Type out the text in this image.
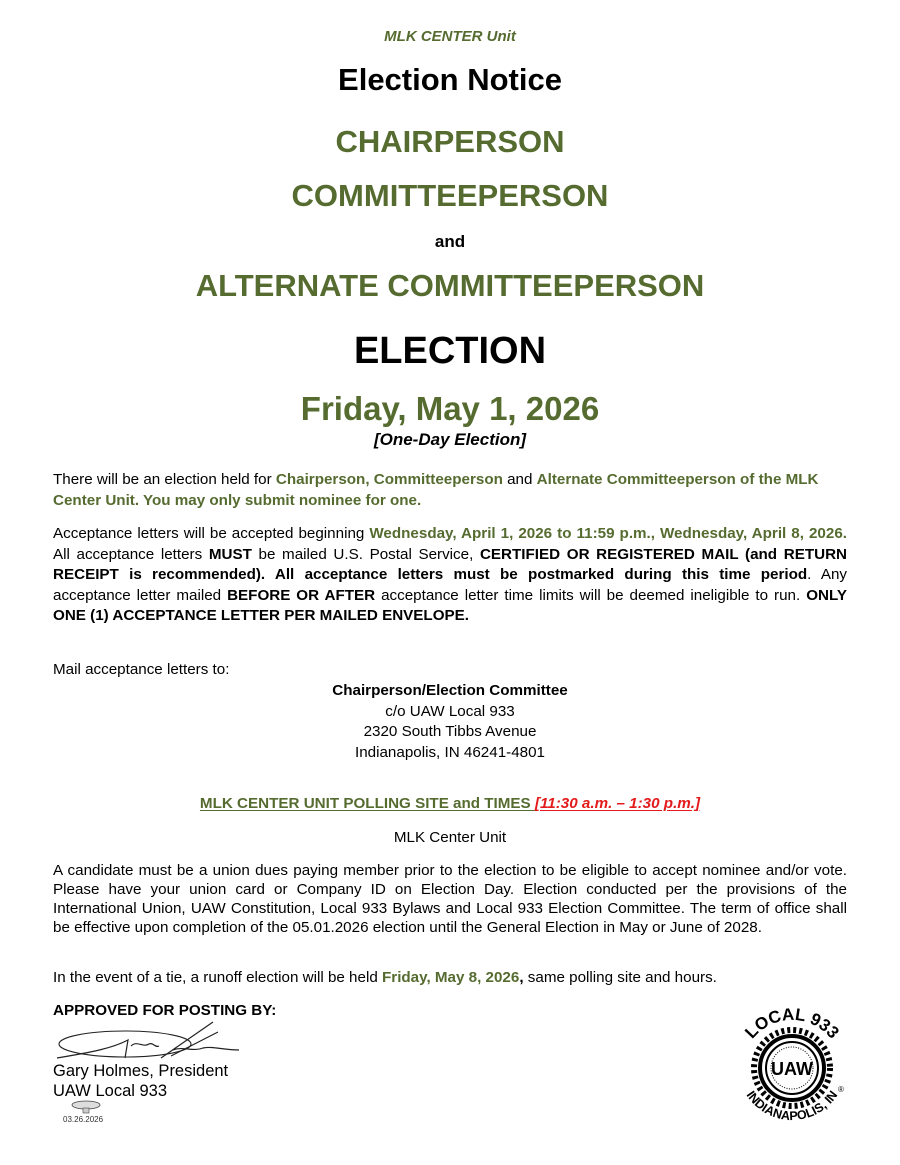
MLK CENTER Unit
Election Notice
CHAIRPERSON
COMMITTEEPERSON
and
ALTERNATE COMMITTEEPERSON
ELECTION
Friday, May 1, 2026
[One-Day Election]

There will be an election held for Chairperson, Committeeperson and Alternate Committeeperson of the MLK Center Unit. You may only submit nominee for one.

Acceptance letters will be accepted beginning Wednesday, April 1, 2026 to 11:59 p.m., Wednesday, April 8, 2026. All acceptance letters MUST be mailed U.S. Postal Service, CERTIFIED OR REGISTERED MAIL (and RETURN RECEIPT is recommended). All acceptance letters must be postmarked during this time period. Any acceptance letter mailed BEFORE OR AFTER acceptance letter time limits will be deemed ineligible to run. ONLY ONE (1) ACCEPTANCE LETTER PER MAILED ENVELOPE.

Mail acceptance letters to:

Chairperson/Election Committee
c/o UAW Local 933
2320 South Tibbs Avenue
Indianapolis, IN 46241-4801
MLK CENTER UNIT POLLING SITE and TIMES [11:30 a.m. – 1:30 p.m.]
MLK Center Unit

A candidate must be a union dues paying member prior to the election to be eligible to accept nominee and/or vote. Please have your union card or Company ID on Election Day. Election conducted per the provisions of the International Union, UAW Constitution, Local 933 Bylaws and Local 933 Election Committee. The term of office shall be effective upon completion of the 05.01.2026 election until the General Election in May or June of 2028.

In the event of a tie, a runoff election will be held Friday, May 8, 2026, same polling site and hours.

APPROVED FOR POSTING BY:
Gary Holmes, President
UAW Local 933
03.26.2026
LOCAL 933
UAW
®
INDIANAPOLIS, IN
